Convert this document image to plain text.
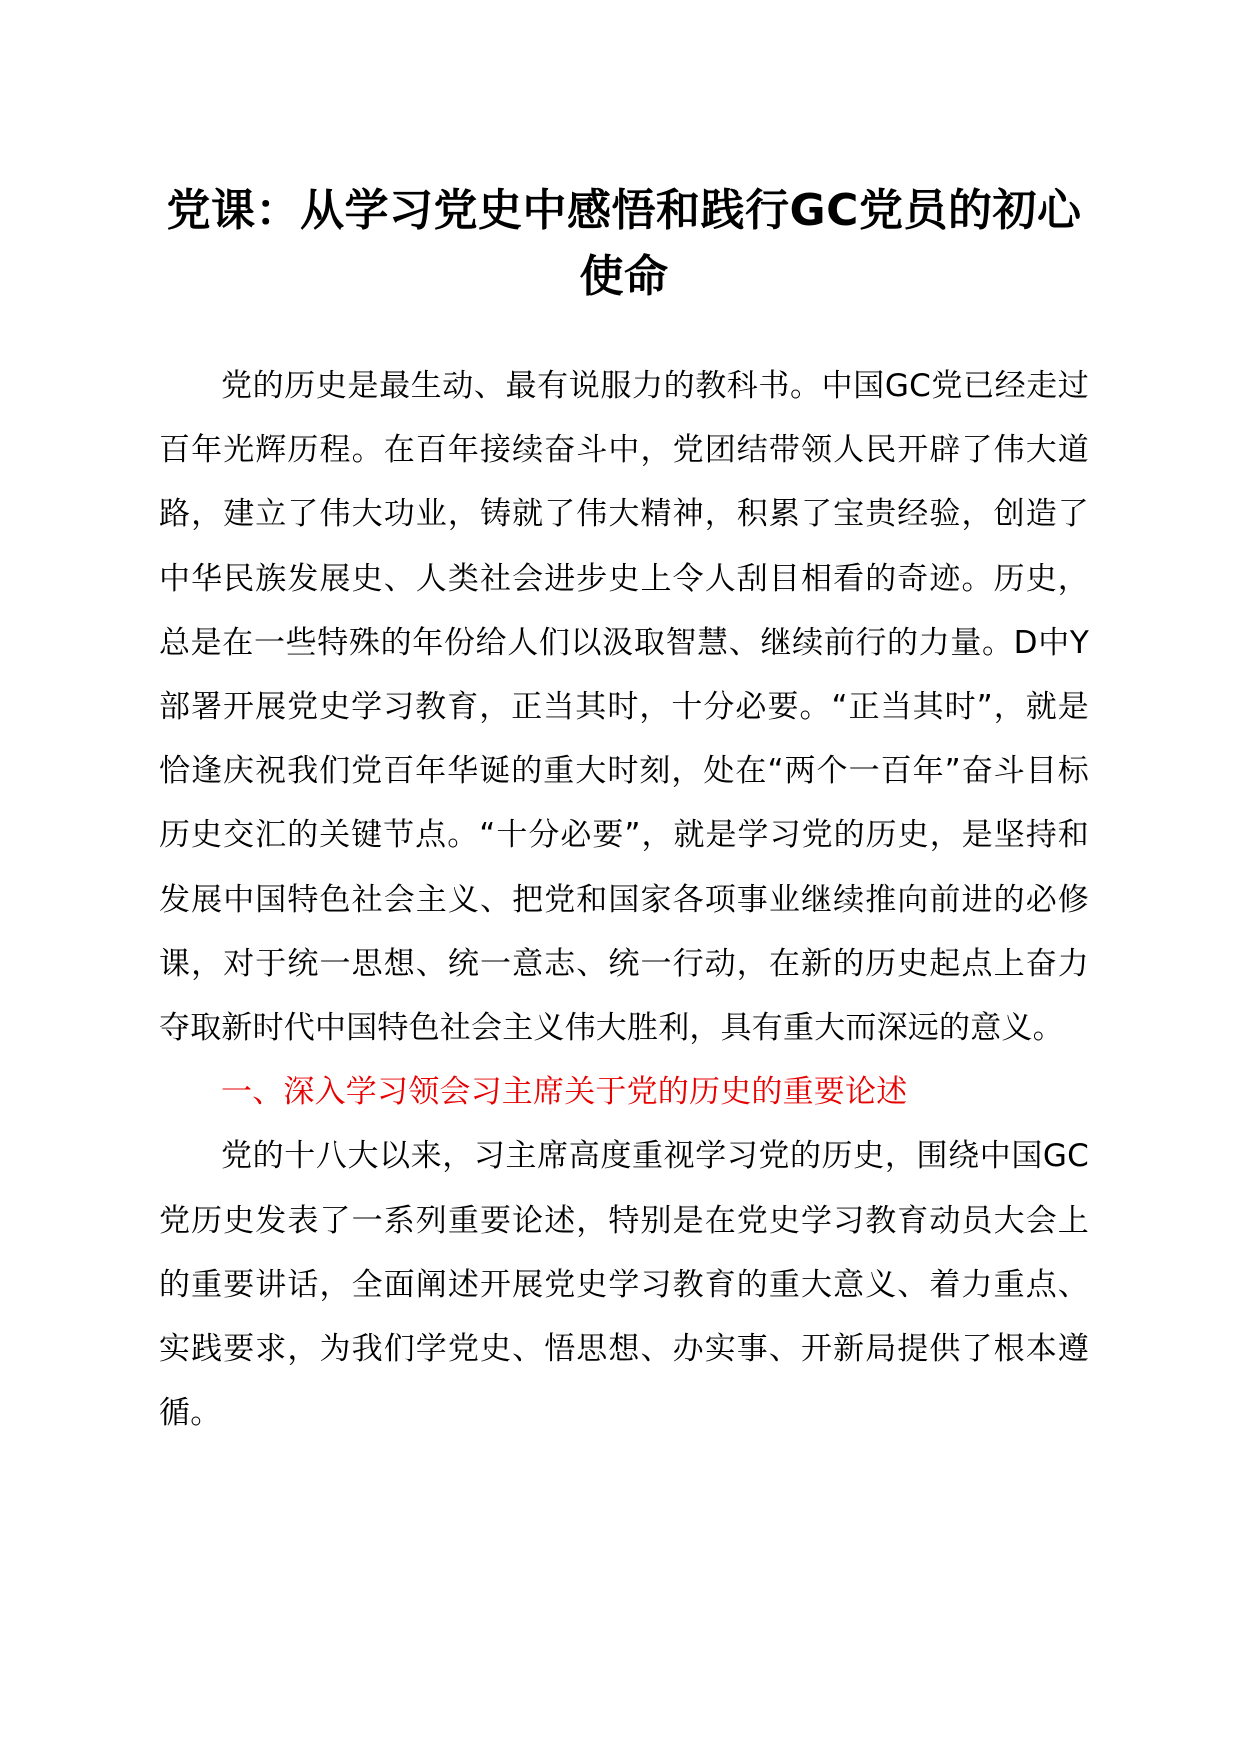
党课：从学习党史中感悟和践行GC党员的初心使命

党的历史是最生动、最有说服力的教科书。中国GC党已经走过百年光辉历程。在百年接续奋斗中，党团结带领人民开辟了伟大道路，建立了伟大功业，铸就了伟大精神，积累了宝贵经验，创造了中华民族发展史、人类社会进步史上令人刮目相看的奇迹。历史，总是在一些特殊的年份给人们以汲取智慧、继续前行的力量。D中Y部署开展党史学习教育，正当其时，十分必要。“正当其时”，就是恰逢庆祝我们党百年华诞的重大时刻，处在“两个一百年”奋斗目标历史交汇的关键节点。“十分必要”，就是学习党的历史，是坚持和发展中国特色社会主义、把党和国家各项事业继续推向前进的必修课，对于统一思想、统一意志、统一行动，在新的历史起点上奋力夺取新时代中国特色社会主义伟大胜利，具有重大而深远的意义。

一、深入学习领会习主席关于党的历史的重要论述

党的十八大以来，习主席高度重视学习党的历史，围绕中国GC党历史发表了一系列重要论述，特别是在党史学习教育动员大会上的重要讲话，全面阐述开展党史学习教育的重大意义、着力重点、实践要求，为我们学党史、悟思想、办实事、开新局提供了根本遵循。
